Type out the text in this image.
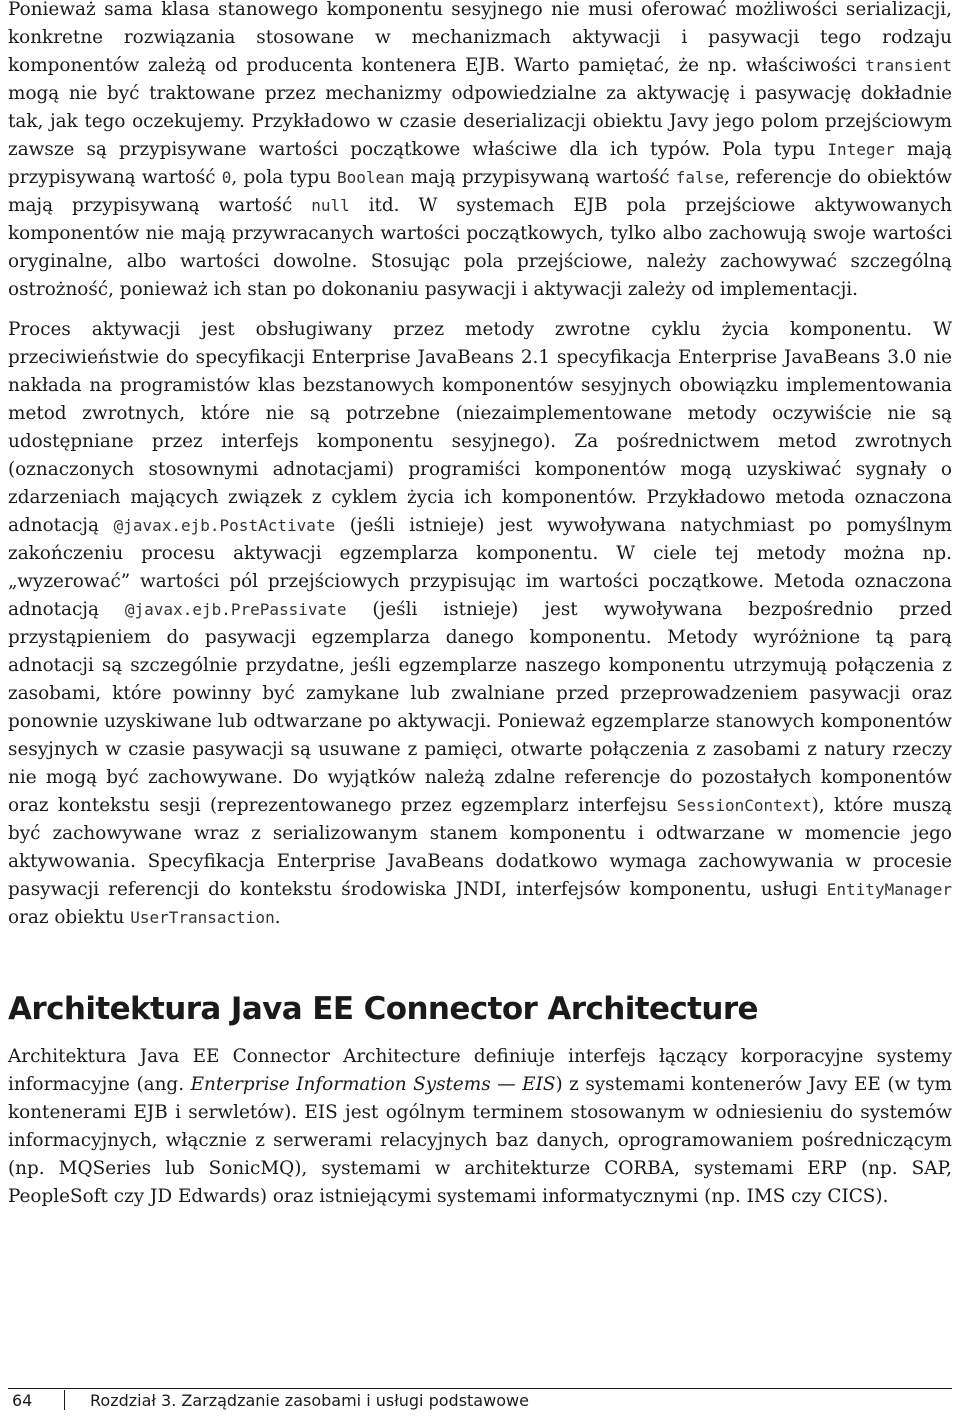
Ponieważ sama klasa stanowego komponentu sesyjnego nie musi oferować możliwości serializacji, konkretne rozwiązania stosowane w mechanizmach aktywacji i pasywacji tego rodzaju komponentów zależą od producenta kontenera EJB. Warto pamiętać, że np. właściwości transient mogą nie być traktowane przez mechanizmy odpowiedzialne za aktywację i pasywację dokładnie tak, jak tego oczekujemy. Przykładowo w czasie deserializacji obiektu Javy jego polom przejściowym zawsze są przypisywane wartości początkowe właściwe dla ich typów. Pola typu Integer mają przypisywaną wartość 0, pola typu Boolean mają przypisywaną wartość false, referencje do obiektów mają przypisywaną wartość null itd. W systemach EJB pola przejściowe aktywowanych komponentów nie mają przywracanych wartości początkowych, tylko albo zachowują swoje wartości oryginalne, albo wartości dowolne. Stosując pola przejściowe, należy zachowywać szczególną ostrożność, ponieważ ich stan po dokonaniu pasywacji i aktywacji zależy od implementacji.

Proces aktywacji jest obsługiwany przez metody zwrotne cyklu życia komponentu. W przeciwieństwie do specyfikacji Enterprise JavaBeans 2.1 specyfikacja Enterprise JavaBeans 3.0 nie nakłada na programistów klas bezstanowych komponentów sesyjnych obowiązku implementowania metod zwrotnych, które nie są potrzebne (niezaimplementowane metody oczywiście nie są udostępniane przez interfejs komponentu sesyjnego). Za pośrednictwem metod zwrotnych (oznaczonych stosownymi adnotacjami) programiści komponentów mogą uzyskiwać sygnały o zdarzeniach mających związek z cyklem życia ich komponentów. Przykładowo metoda oznaczona adnotacją @javax.ejb.PostActivate (jeśli istnieje) jest wywoływana natychmiast po pomyślnym zakończeniu procesu aktywacji egzemplarza komponentu. W ciele tej metody można np. „wyzerować” wartości pól przejściowych przypisując im wartości początkowe. Metoda oznaczona adnotacją @javax.ejb.PrePassivate (jeśli istnieje) jest wywoływana bezpośrednio przed przystąpieniem do pasywacji egzemplarza danego komponentu. Metody wyróżnione tą parą adnotacji są szczególnie przydatne, jeśli egzemplarze naszego komponentu utrzymują połączenia z zasobami, które powinny być zamykane lub zwalniane przed przeprowadzeniem pasywacji oraz ponownie uzyskiwane lub odtwarzane po aktywacji. Ponieważ egzemplarze stanowych komponentów sesyjnych w czasie pasywacji są usuwane z pamięci, otwarte połączenia z zasobami z natury rzeczy nie mogą być zachowywane. Do wyjątków należą zdalne referencje do pozostałych komponentów oraz kontekstu sesji (reprezentowanego przez egzemplarz interfejsu SessionContext), które muszą być zachowywane wraz z serializowanym stanem komponentu i odtwarzane w momencie jego aktywowania. Specyfikacja Enterprise JavaBeans dodatkowo wymaga zachowywania w procesie pasywacji referencji do kontekstu środowiska JNDI, interfejsów komponentu, usługi EntityManager oraz obiektu UserTransaction.

Architektura Java EE Connector Architecture

Architektura Java EE Connector Architecture definiuje interfejs łączący korporacyjne systemy informacyjne (ang. Enterprise Information Systems — EIS) z systemami kontenerów Javy EE (w tym kontenerami EJB i serwletów). EIS jest ogólnym terminem stosowanym w odniesieniu do systemów informacyjnych, włącznie z serwerami relacyjnych baz danych, oprogramowaniem pośredniczącym (np. MQSeries lub SonicMQ), systemami w architekturze CORBA, systemami ERP (np. SAP, PeopleSoft czy JD Edwards) oraz istniejącymi systemami informatycznymi (np. IMS czy CICS).

64	Rozdział 3. Zarządzanie zasobami i usługi podstawowe
